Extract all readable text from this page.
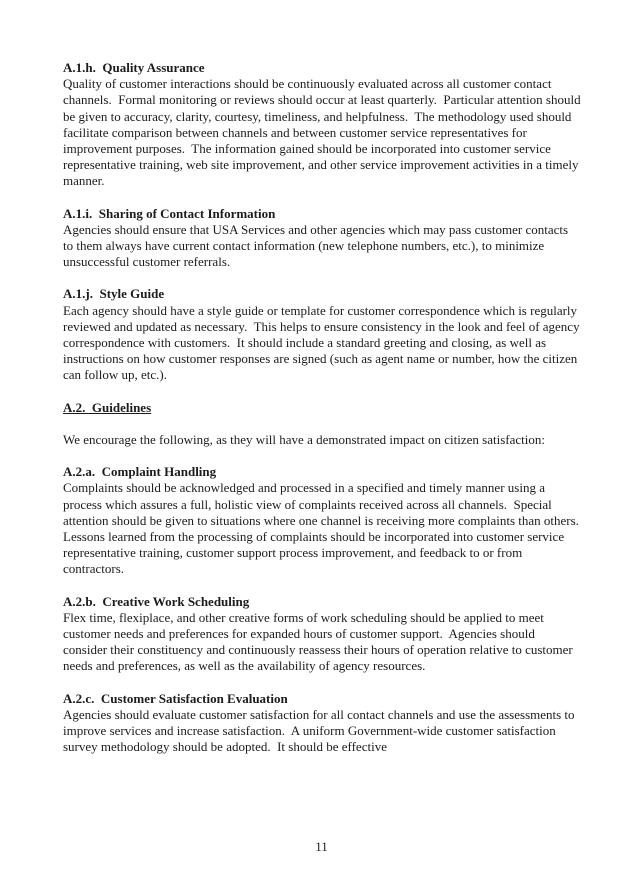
A.1.h.  Quality Assurance

Quality of customer interactions should be continuously evaluated across all customer contact channels.  Formal monitoring or reviews should occur at least quarterly.  Particular attention should be given to accuracy, clarity, courtesy, timeliness, and helpfulness.  The methodology used should facilitate comparison between channels and between customer service representatives for improvement purposes.  The information gained should be incorporated into customer service representative training, web site improvement, and other service improvement activities in a timely manner.

A.1.i.  Sharing of Contact Information

Agencies should ensure that USA Services and other agencies which may pass customer contacts to them always have current contact information (new telephone numbers, etc.), to minimize unsuccessful customer referrals.

A.1.j.  Style Guide

Each agency should have a style guide or template for customer correspondence which is regularly reviewed and updated as necessary.  This helps to ensure consistency in the look and feel of agency correspondence with customers.  It should include a standard greeting and closing, as well as instructions on how customer responses are signed (such as agent name or number, how the citizen can follow up, etc.).

A.2.  Guidelines

We encourage the following, as they will have a demonstrated impact on citizen satisfaction:

A.2.a.  Complaint Handling

Complaints should be acknowledged and processed in a specified and timely manner using a process which assures a full, holistic view of complaints received across all channels.  Special attention should be given to situations where one channel is receiving more complaints than others.  Lessons learned from the processing of complaints should be incorporated into customer service representative training, customer support process improvement, and feedback to or from contractors.

A.2.b.  Creative Work Scheduling

Flex time, flexiplace, and other creative forms of work scheduling should be applied to meet customer needs and preferences for expanded hours of customer support.  Agencies should consider their constituency and continuously reassess their hours of operation relative to customer needs and preferences, as well as the availability of agency resources.

A.2.c.  Customer Satisfaction Evaluation

Agencies should evaluate customer satisfaction for all contact channels and use the assessments to improve services and increase satisfaction.  A uniform Government-wide customer satisfaction survey methodology should be adopted.  It should be effective

11
